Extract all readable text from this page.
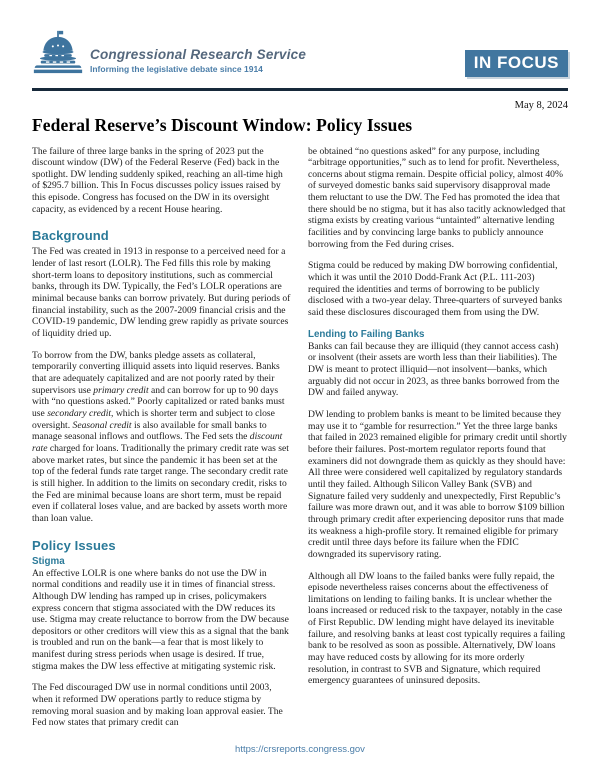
Congressional Research Service
Informing the legislative debate since 1914	IN FOCUS
May 8, 2024
Federal Reserve’s Discount Window: Policy Issues

The failure of three large banks in the spring of 2023 put the discount window (DW) of the Federal Reserve (Fed) back in the spotlight. DW lending suddenly spiked, reaching an all-time high of $295.7 billion. This In Focus discusses policy issues raised by this episode. Congress has focused on the DW in its oversight capacity, as evidenced by a recent House hearing.

Background

The Fed was created in 1913 in response to a perceived need for a lender of last resort (LOLR). The Fed fills this role by making short-term loans to depository institutions, such as commercial banks, through its DW. Typically, the Fed’s LOLR operations are minimal because banks can borrow privately. But during periods of financial instability, such as the 2007-2009 financial crisis and the COVID-19 pandemic, DW lending grew rapidly as private sources of liquidity dried up.

To borrow from the DW, banks pledge assets as collateral, temporarily converting illiquid assets into liquid reserves. Banks that are adequately capitalized and are not poorly rated by their supervisors use primary credit and can borrow for up to 90 days with “no questions asked.” Poorly capitalized or rated banks must use secondary credit, which is shorter term and subject to close oversight. Seasonal credit is also available for small banks to manage seasonal inflows and outflows. The Fed sets the discount rate charged for loans. Traditionally the primary credit rate was set above market rates, but since the pandemic it has been set at the top of the federal funds rate target range. The secondary credit rate is still higher. In addition to the limits on secondary credit, risks to the Fed are minimal because loans are short term, must be repaid even if collateral loses value, and are backed by assets worth more than loan value.

Policy Issues
Stigma

An effective LOLR is one where banks do not use the DW in normal conditions and readily use it in times of financial stress. Although DW lending has ramped up in crises, policymakers express concern that stigma associated with the DW reduces its use. Stigma may create reluctance to borrow from the DW because depositors or other creditors will view this as a signal that the bank is troubled and run on the bank—a fear that is most likely to manifest during stress periods when usage is desired. If true, stigma makes the DW less effective at mitigating systemic risk.

The Fed discouraged DW use in normal conditions until 2003, when it reformed DW operations partly to reduce stigma by removing moral suasion and by making loan approval easier. The Fed now states that primary credit can

be obtained “no questions asked” for any purpose, including “arbitrage opportunities,” such as to lend for profit. Nevertheless, concerns about stigma remain. Despite official policy, almost 40% of surveyed domestic banks said supervisory disapproval made them reluctant to use the DW. The Fed has promoted the idea that there should be no stigma, but it has also tacitly acknowledged that stigma exists by creating various “untainted” alternative lending facilities and by convincing large banks to publicly announce borrowing from the Fed during crises.

Stigma could be reduced by making DW borrowing confidential, which it was until the 2010 Dodd-Frank Act (P.L. 111-203) required the identities and terms of borrowing to be publicly disclosed with a two-year delay. Three-quarters of surveyed banks said these disclosures discouraged them from using the DW.

Lending to Failing Banks

Banks can fail because they are illiquid (they cannot access cash) or insolvent (their assets are worth less than their liabilities). The DW is meant to protect illiquid—not insolvent—banks, which arguably did not occur in 2023, as three banks borrowed from the DW and failed anyway.

DW lending to problem banks is meant to be limited because they may use it to “gamble for resurrection.” Yet the three large banks that failed in 2023 remained eligible for primary credit until shortly before their failures. Post-mortem regulator reports found that examiners did not downgrade them as quickly as they should have: All three were considered well capitalized by regulatory standards until they failed. Although Silicon Valley Bank (SVB) and Signature failed very suddenly and unexpectedly, First Republic’s failure was more drawn out, and it was able to borrow $109 billion through primary credit after experiencing depositor runs that made its weakness a high-profile story. It remained eligible for primary credit until three days before its failure when the FDIC downgraded its supervisory rating.

Although all DW loans to the failed banks were fully repaid, the episode nevertheless raises concerns about the effectiveness of limitations on lending to failing banks. It is unclear whether the loans increased or reduced risk to the taxpayer, notably in the case of First Republic. DW lending might have delayed its inevitable failure, and resolving banks at least cost typically requires a failing bank to be resolved as soon as possible. Alternatively, DW loans may have reduced costs by allowing for its more orderly resolution, in contrast to SVB and Signature, which required emergency guarantees of uninsured deposits.

https://crsreports.congress.gov
